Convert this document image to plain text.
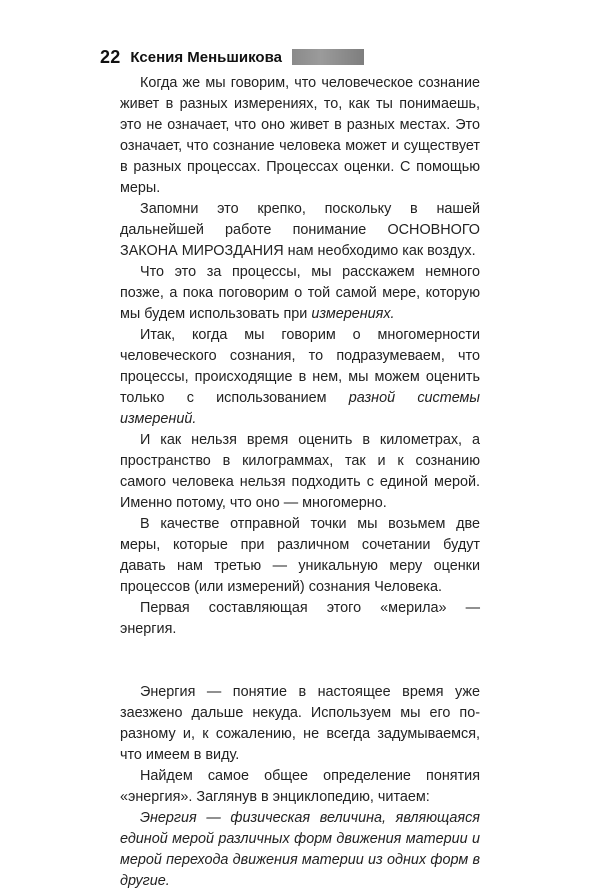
22 Ксения Меньшикова

Когда же мы говорим, что человеческое сознание живет в разных измерениях, то, как ты понимаешь, это не означает, что оно живет в разных местах. Это означает, что сознание человека может и существует в разных процессах. Процессах оценки. С помощью меры.

Запомни это крепко, поскольку в нашей дальнейшей работе понимание ОСНОВНОГО ЗАКОНА МИРОЗДАНИЯ нам необходимо как воздух.

Что это за процессы, мы расскажем немного позже, а пока поговорим о той самой мере, которую мы будем использовать при измерениях.

Итак, когда мы говорим о многомерности человеческого сознания, то подразумеваем, что процессы, происходящие в нем, мы можем оценить только с использованием разной системы измерений.

И как нельзя время оценить в километрах, а пространство в килограммах, так и к сознанию самого человека нельзя подходить с единой мерой. Именно потому, что оно — многомерно.

В качестве отправной точки мы возьмем две меры, которые при различном сочетании будут давать нам третью — уникальную меру оценки процессов (или измерений) сознания Человека.

Первая составляющая этого «мерила» — энергия.

Энергия — понятие в настоящее время уже заезжено дальше некуда. Используем мы его по-разному и, к сожалению, не всегда задумываемся, что имеем в виду.

Найдем самое общее определение понятия «энергия». Заглянув в энциклопедию, читаем:

Энергия — физическая величина, являющаяся единой мерой различных форм движения материи и мерой перехода движения материи из одних форм в другие.
